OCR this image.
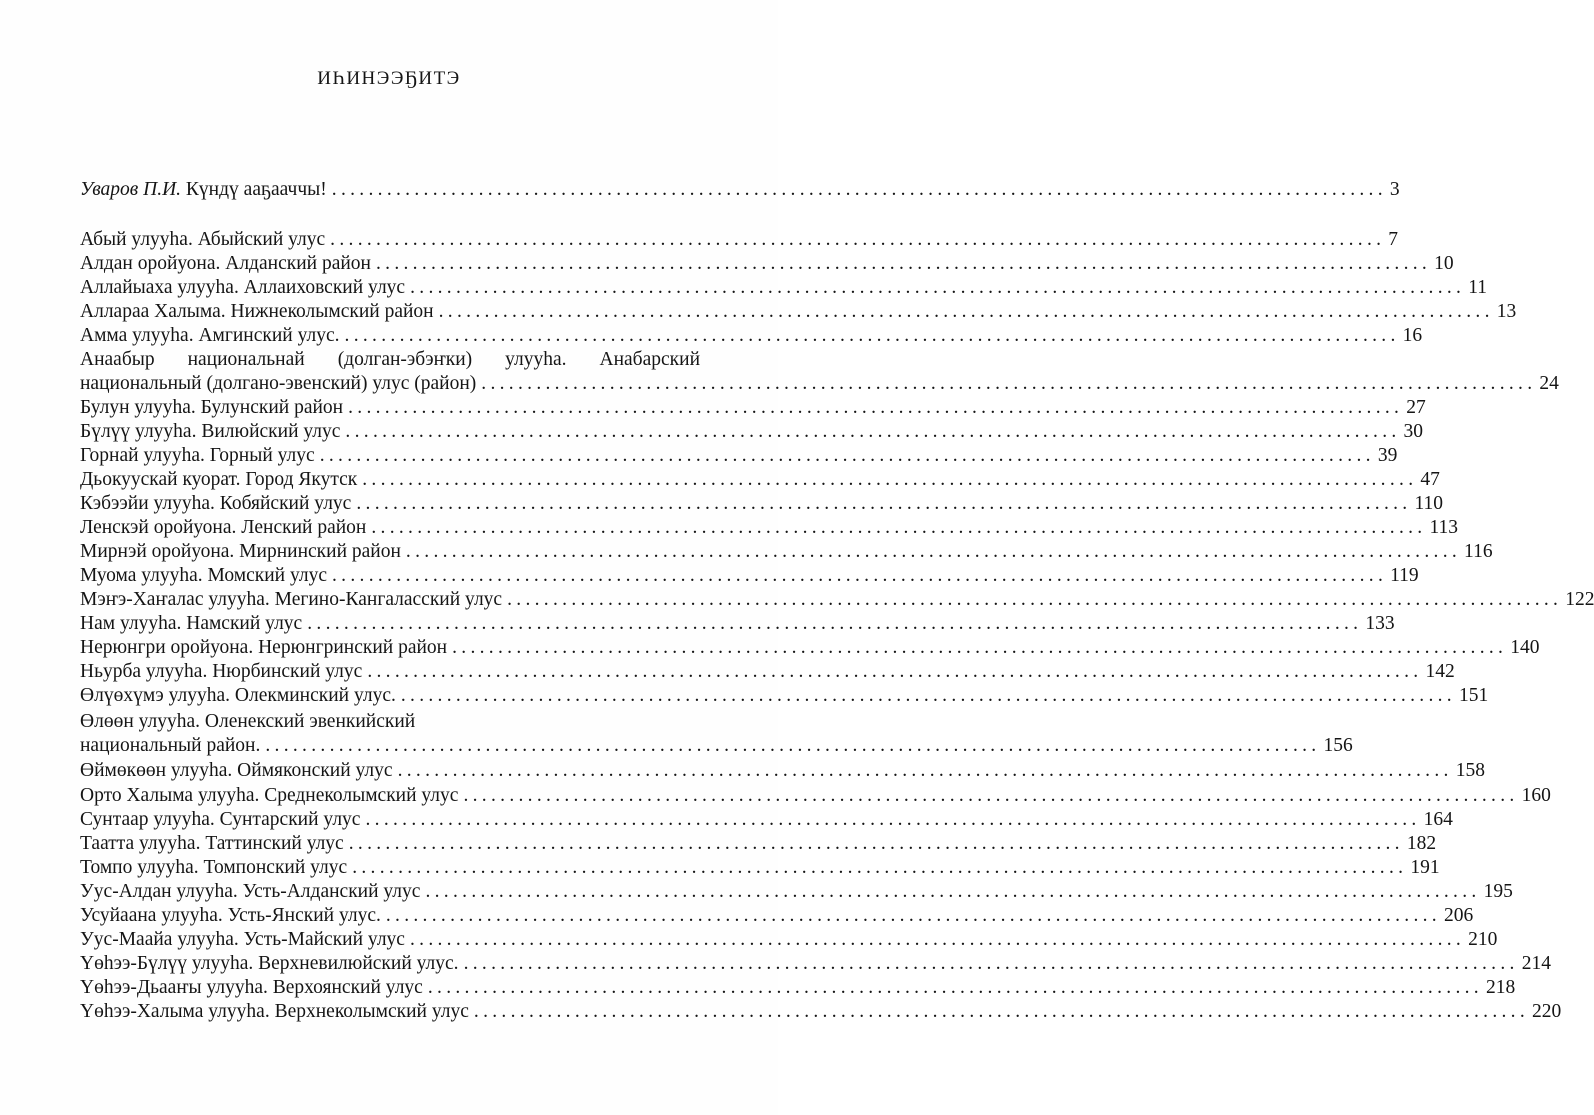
ИҺИНЭЭҔИТЭ
Уваров П.И. Күндү ааҕааччы! ................................................................................................................... 3
Абый улууһа. Абыйский улус ................................................................................................................... 7
Алдан оройуона. Алданский район ................................................................................................................... 10
Аллайыаха улууһа. Аллаиховский улус ................................................................................................................... 11
Аллараа Халыма. Нижнеколымский район ................................................................................................................... 13
Амма улууһа. Амгинский улус. ................................................................................................................... 16
Анаабыр национальнай (долган-эбэҥки) улууһа. Анабарский
национальный (долгано-эвенский) улус (район) ................................................................................................................... 24
Булун улууһа. Булунский район ................................................................................................................... 27
Бүлүү улууһа. Вилюйский улус ................................................................................................................... 30
Горнай улууһа. Горный улус ................................................................................................................... 39
Дьокуускай куорат. Город Якутск ................................................................................................................... 47
Кэбээйи улууһа. Кобяйский улус ................................................................................................................... 110
Ленскэй оройуона. Ленский район ................................................................................................................... 113
Мирнэй оройуона. Мирнинский район ................................................................................................................... 116
Муома улууһа. Момский улус ................................................................................................................... 119
Мэҥэ-Хаҥалас улууһа. Мегино-Кангаласский улус ................................................................................................................... 122
Нам улууһа. Намский улус ................................................................................................................... 133
Нерюнгри оройуона. Нерюнгринский район ................................................................................................................... 140
Ньурба улууһа. Нюрбинский улус ................................................................................................................... 142
Өлүөхүмэ улууһа. Олекминский улус. ................................................................................................................... 151
Өлөөн улууһа. Оленекский эвенкийский
национальный район. ................................................................................................................... 156
Өймөкөөн улууһа. Оймяконский улус ................................................................................................................... 158
Орто Халыма улууһа. Среднеколымский улус ................................................................................................................... 160
Сунтаар улууһа. Сунтарский улус ................................................................................................................... 164
Таатта улууһа. Таттинский улус ................................................................................................................... 182
Томпо улууһа. Томпонский улус ................................................................................................................... 191
Уус-Алдан улууһа. Усть-Алданский улус ................................................................................................................... 195
Усуйаана улууһа. Усть-Янский улус. ................................................................................................................... 206
Уус-Маайа улууһа. Усть-Майский улус ................................................................................................................... 210
Үөһээ-Бүлүү улууһа. Верхневилюйский улус. ................................................................................................................... 214
Үөһээ-Дьааҥы улууһа. Верхоянский улус ................................................................................................................... 218
Үөһээ-Халыма улууһа. Верхнеколымский улус ................................................................................................................... 220
